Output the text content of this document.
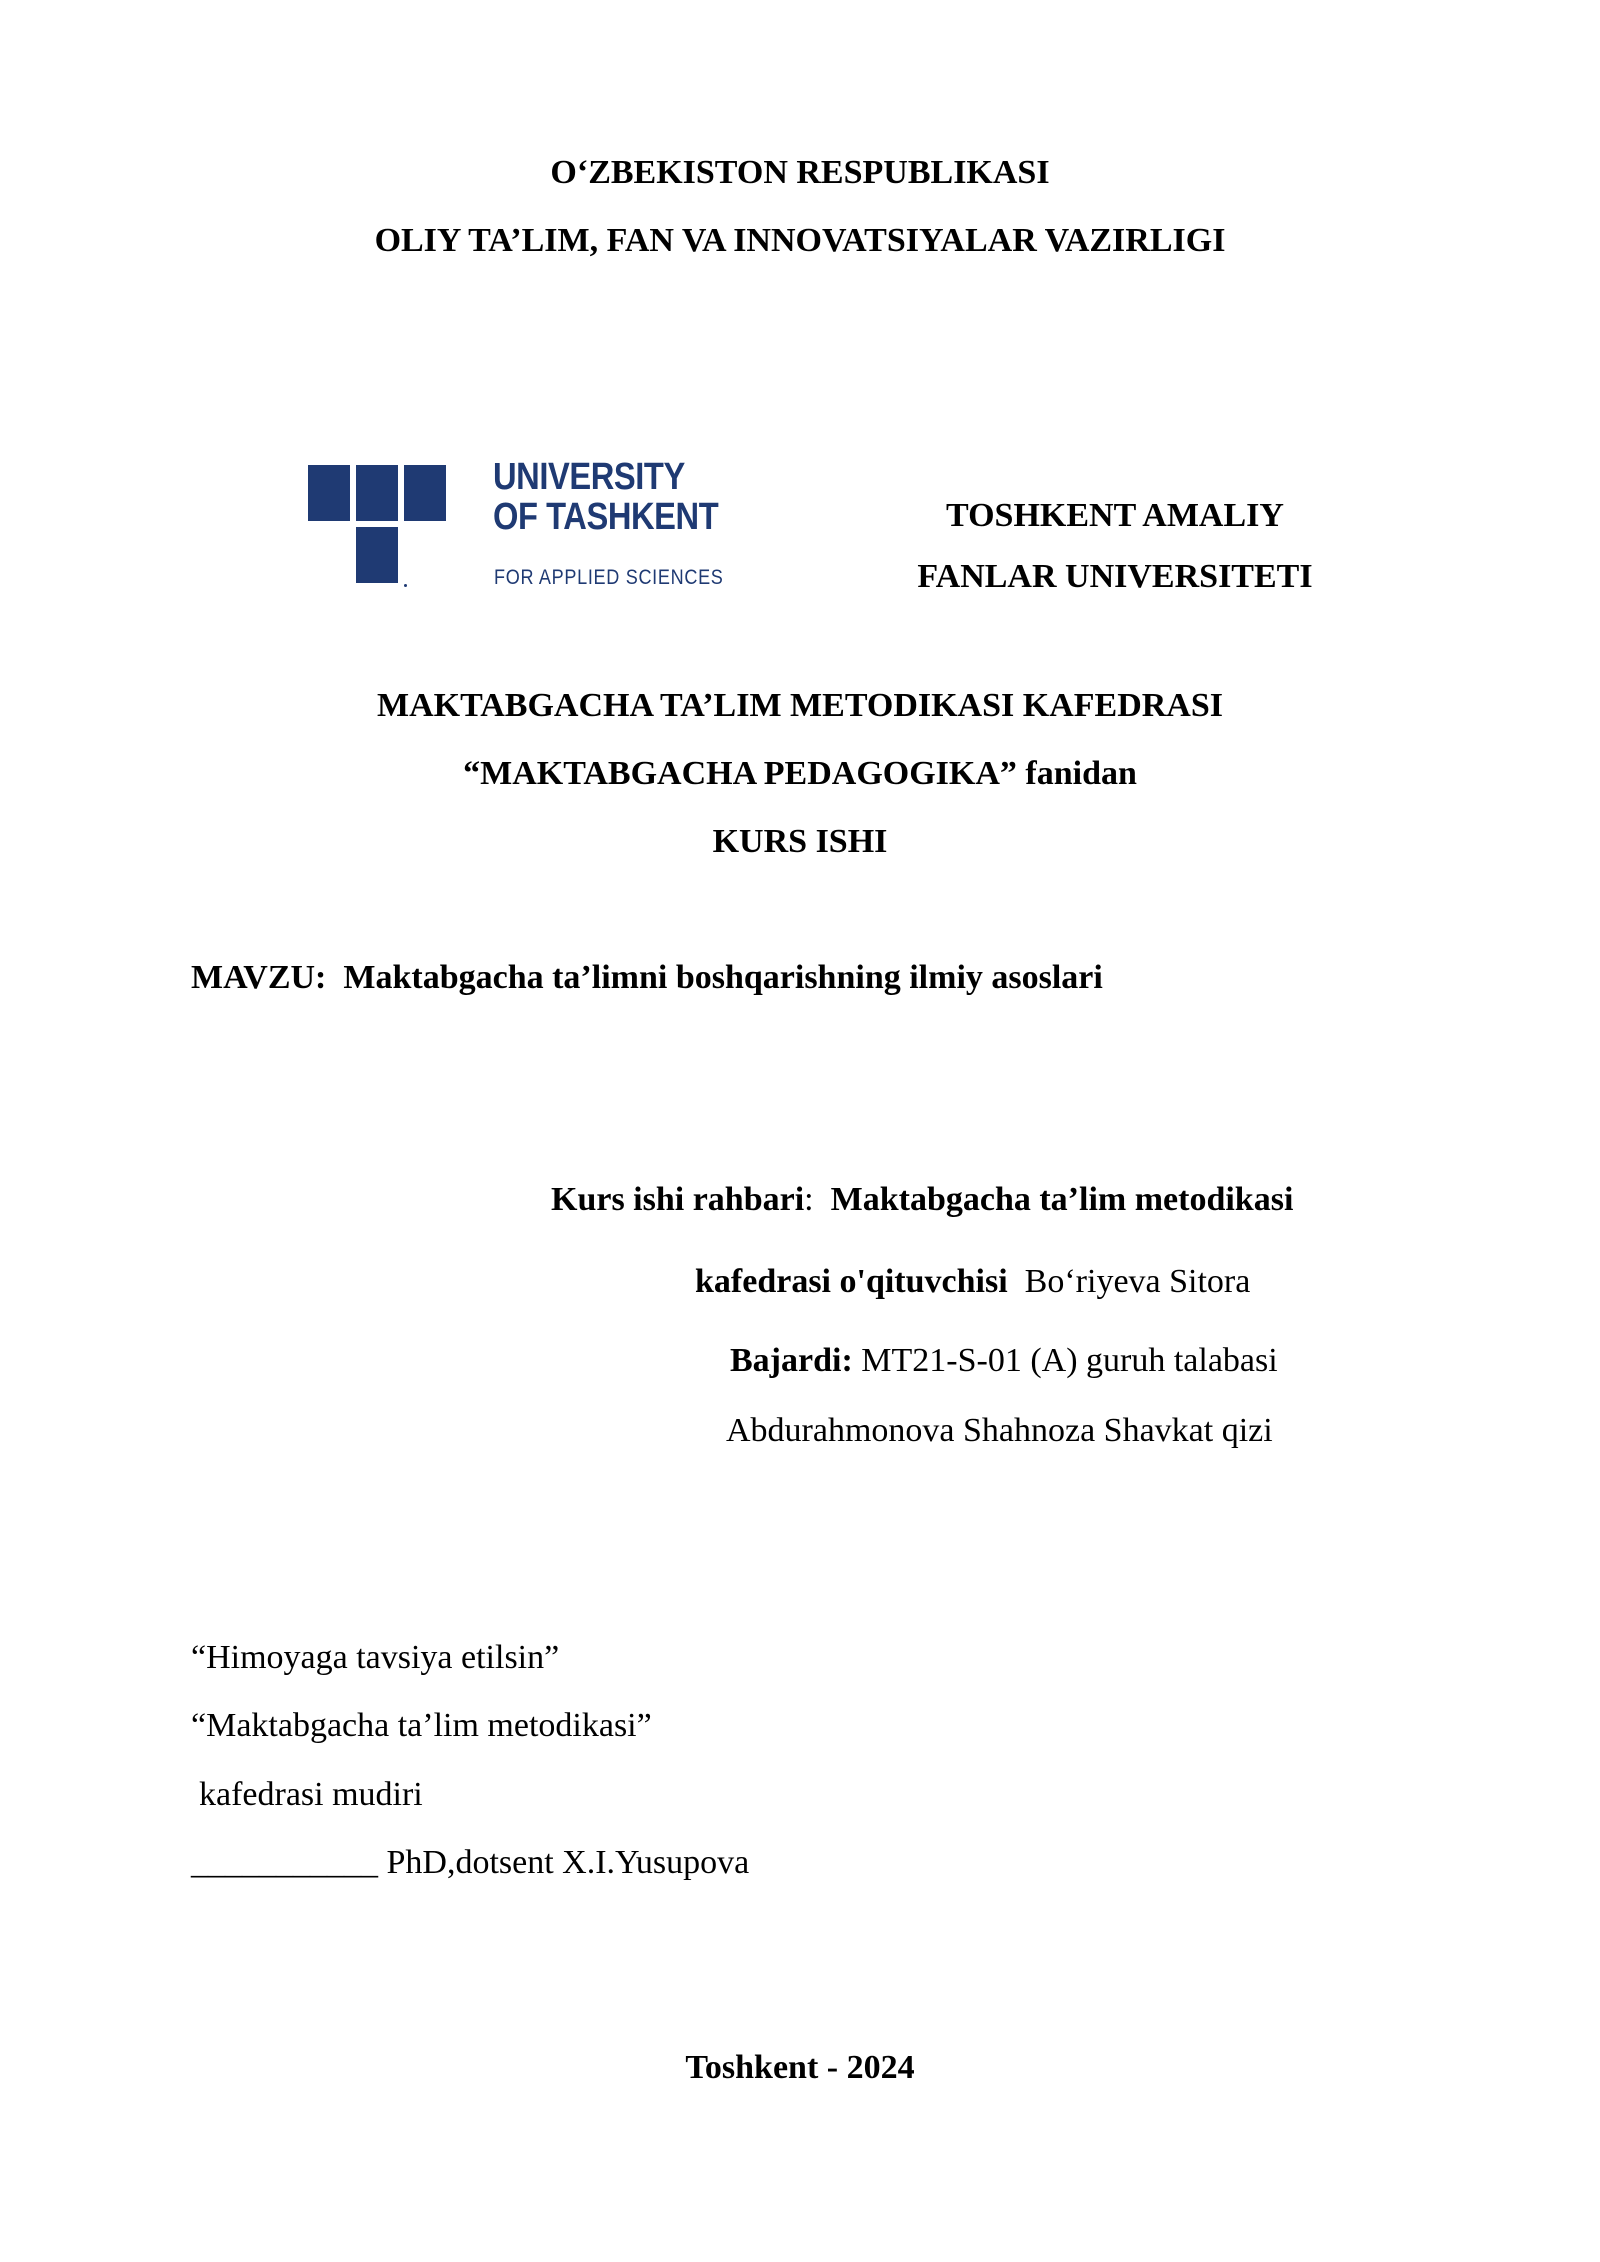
O‘ZBEKISTON RESPUBLIKASI
OLIY TA’LIM, FAN VA INNOVATSIYALAR VAZIRLIGI
UNIVERSITY
OF TASHKENT
FOR APPLIED SCIENCES
TOSHKENT AMALIY
FANLAR UNIVERSITETI
MAKTABGACHA TA’LIM METODIKASI KAFEDRASI
“MAKTABGACHA PEDAGOGIKA” fanidan
KURS ISHI
MAVZU: Maktabgacha ta’limni boshqarishning ilmiy asoslari
Kurs ishi rahbari: Maktabgacha ta’lim metodikasi
kafedrasi o'qituvchisi Boʻriyeva Sitora
Bajardi: MT21-S-01 (A) guruh talabasi
Abdurahmonova Shahnoza Shavkat qizi
“Himoyaga tavsiya etilsin”
“Maktabgacha ta’lim metodikasi”
kafedrasi mudiri
___________ PhD,dotsent X.I.Yusupova
Toshkent - 2024
